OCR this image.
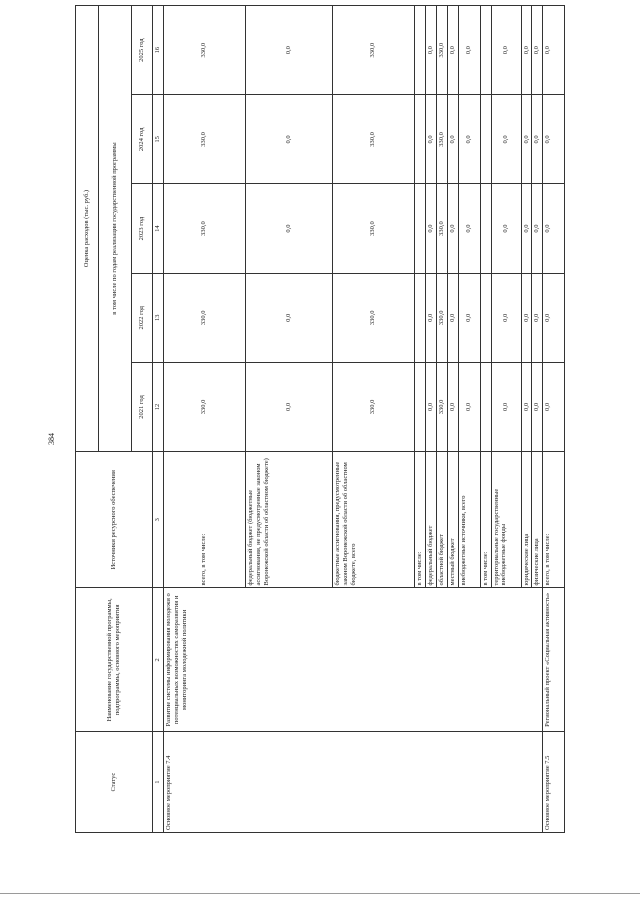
384
Статус	Наименование государственной программы, подпрограммы, основного мероприятия	Источники ресурсного обеспечения	Оценка расходов (тыс. руб.)				
			в том числе по годам реализации государственной программы				
			2021 год	2022 год	2023 год	2024 год	2025 год
1	2	3	12	13	14	15	16
Основное мероприятие 7.4	Развитие системы информирования молодежи о потенциальных возможностях саморазвития и мониторинга молодежной политики	всего, в том числе:	330,0	330,0	330,0	330,0	330,0
		федеральный бюджет (бюджетные ассигнования, не предусмотренные законом Воронежской области об областном бюджете)	0,0	0,0	0,0	0,0	0,0
		бюджетные ассигнования, предусмотренные законом Воронежской области об областном бюджете, всего	330,0	330,0	330,0	330,0	330,0
		в том числе:					
		федеральный бюджет	0,0	0,0	0,0	0,0	0,0
		областной бюджет	330,0	330,0	330,0	330,0	330,0
		местный бюджет	0,0	0,0	0,0	0,0	0,0
		внебюджетные источники, всего	0,0	0,0	0,0	0,0	0,0
		в том числе:					
		территориальные государственные внебюджетные фонды	0,0	0,0	0,0	0,0	0,0
		юридические лица	0,0	0,0	0,0	0,0	0,0
		физические лица	0,0	0,0	0,0	0,0	0,0
Основное мероприятие 7.5	Региональный проект «Социальная активность»	всего, в том числе:	0,0	0,0	0,0	0,0	0,0
